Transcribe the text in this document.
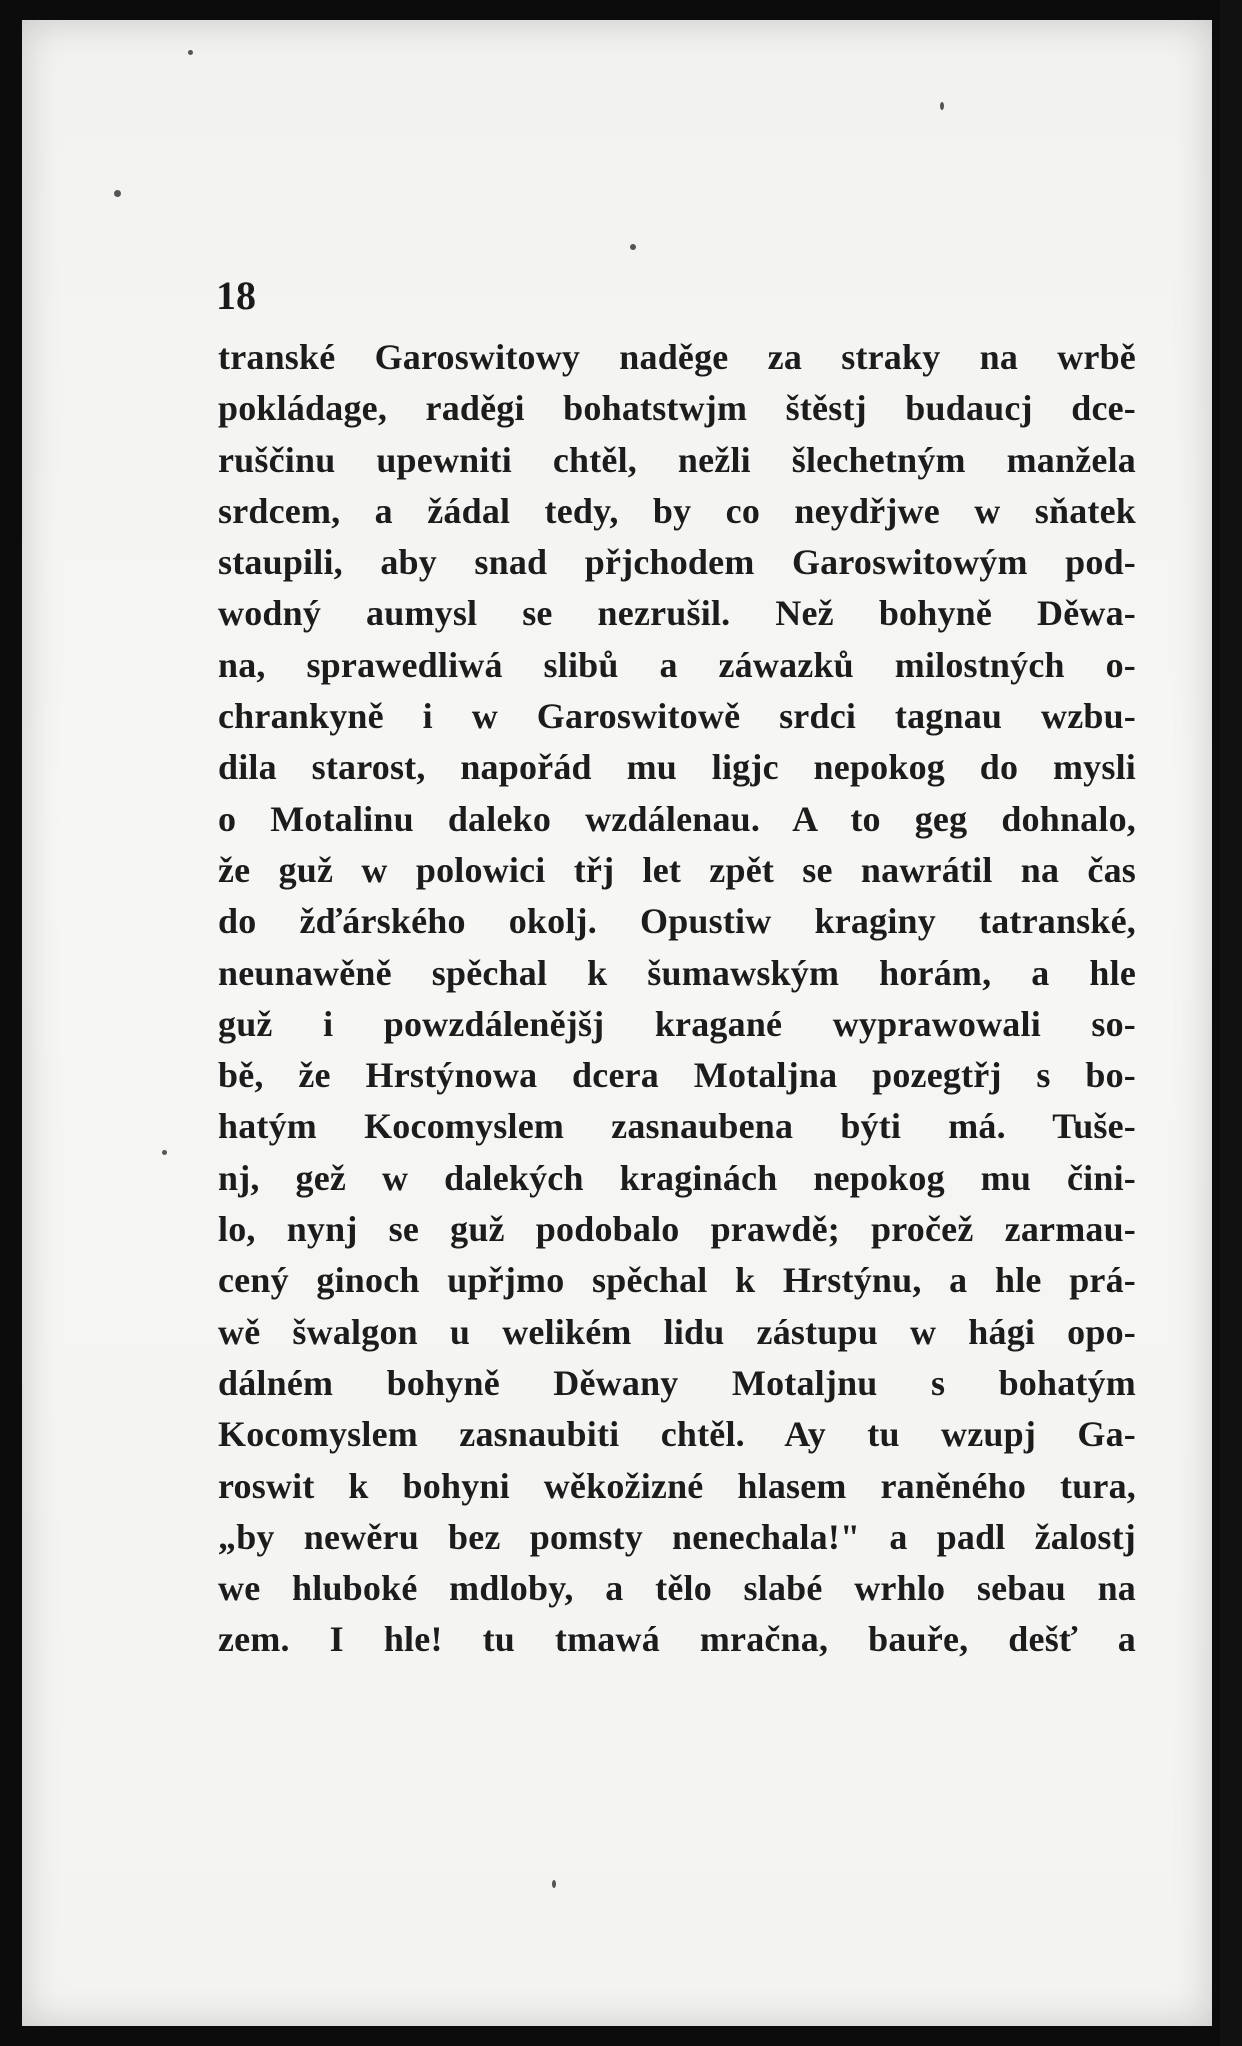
18
transké Garoswitowy naděge za straky na wrbě
pokládage, raděgi bohatstwjm štěstj budaucj dce-
ruščinu upewniti chtěl, nežli šlechetným manžela
srdcem, a žádal tedy, by co neydřjwe w sňatek
staupili, aby snad přjchodem Garoswitowým pod-
wodný aumysl se nezrušil. Než bohyně Děwa-
na, sprawedliwá slibů a záwazků milostných o-
chrankyně i w Garoswitowě srdci tagnau wzbu-
dila starost, napořád mu ligjc nepokog do mysli
o Motalinu daleko wzdálenau. A to geg dohnalo,
že guž w polowici třj let zpět se nawrátil na čas
do žďárského okolj. Opustiw kraginy tatranské,
neunawěně spěchal k šumawským horám, a hle
guž i powzdálenějšj kragané wyprawowali so-
bě, že Hrstýnowa dcera Motaljna pozegtřj s bo-
hatým Kocomyslem zasnaubena býti má. Tuše-
nj, gež w dalekých kraginách nepokog mu čini-
lo, nynj se guž podobalo prawdě; pročež zarmau-
cený ginoch upřjmo spěchal k Hrstýnu, a hle prá-
wě šwalgon u welikém lidu zástupu w hági opo-
dálném bohyně Děwany Motaljnu s bohatým
Kocomyslem zasnaubiti chtěl. Ay tu wzupj Ga-
roswit k bohyni wěkožizné hlasem raněného tura,
„by newěru bez pomsty nenechala!" a padl žalostj
we hluboké mdloby, a tělo slabé wrhlo sebau na
zem. I hle! tu tmawá mračna, bauře, dešť a
